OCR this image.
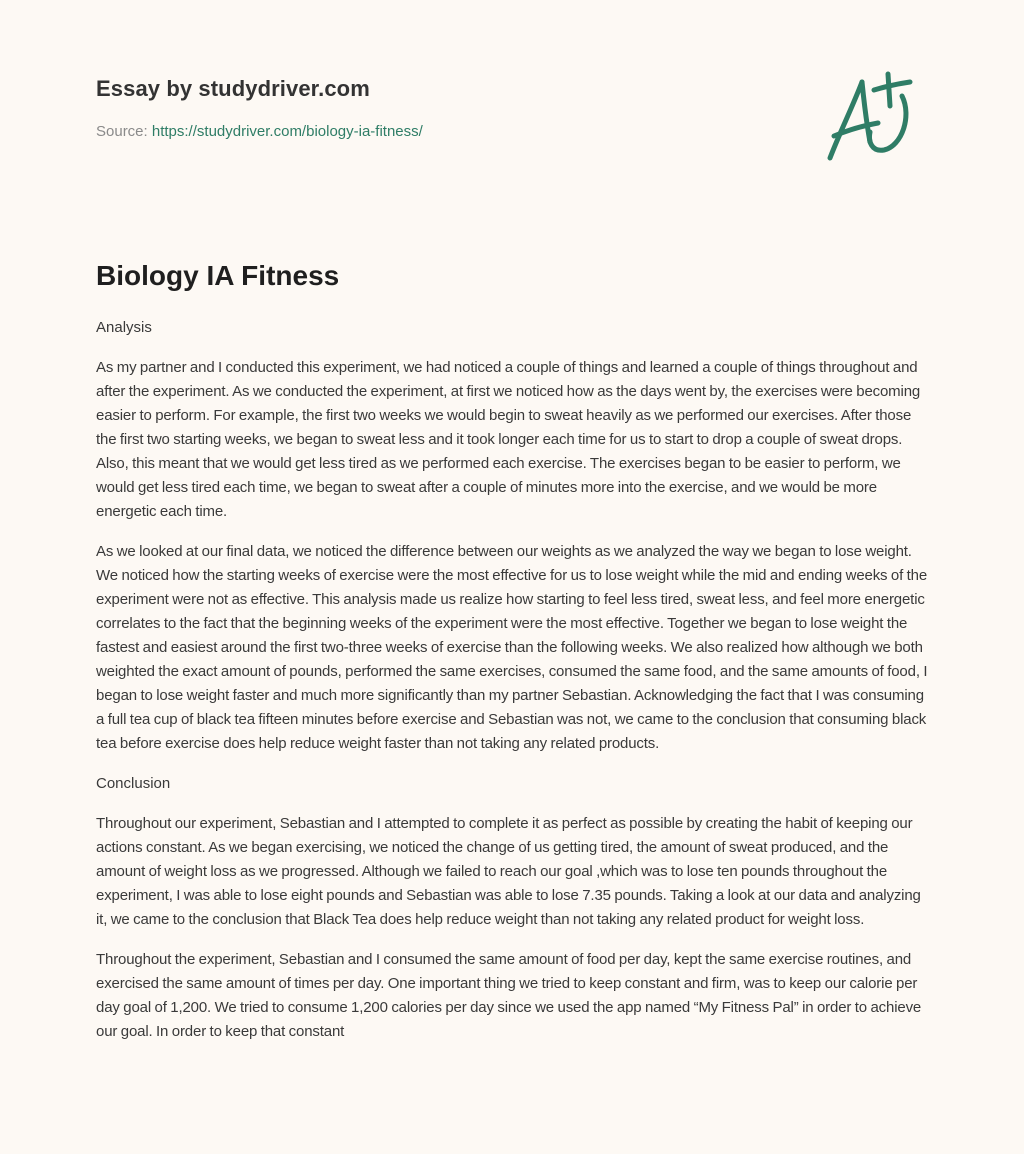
Essay by studydriver.com
Source: https://studydriver.com/biology-ia-fitness/
Biology IA Fitness

Analysis

As my partner and I conducted this experiment, we had noticed a couple of things and learned a couple of things throughout and after the experiment. As we conducted the experiment, at first we noticed how as the days went by, the exercises were becoming easier to perform. For example, the first two weeks we would begin to sweat heavily as we performed our exercises. After those the first two starting weeks, we began to sweat less and it took longer each time for us to start to drop a couple of sweat drops. Also, this meant that we would get less tired as we performed each exercise. The exercises began to be easier to perform, we would get less tired each time, we began to sweat after a couple of minutes more into the exercise, and we would be more energetic each time.

As we looked at our final data, we noticed the difference between our weights as we analyzed the way we began to lose weight. We noticed how the starting weeks of exercise were the most effective for us to lose weight while the mid and ending weeks of the experiment were not as effective. This analysis made us realize how starting to feel less tired, sweat less, and feel more energetic correlates to the fact that the beginning weeks of the experiment were the most effective. Together we began to lose weight the fastest and easiest around the first two-three weeks of exercise than the following weeks. We also realized how although we both weighted the exact amount of pounds, performed the same exercises, consumed the same food, and the same amounts of food, I began to lose weight faster and much more significantly than my partner Sebastian. Acknowledging the fact that I was consuming a full tea cup of black tea fifteen minutes before exercise and Sebastian was not, we came to the conclusion that consuming black tea before exercise does help reduce weight faster than not taking any related products.

Conclusion

Throughout our experiment, Sebastian and I attempted to complete it as perfect as possible by creating the habit of keeping our actions constant. As we began exercising, we noticed the change of us getting tired, the amount of sweat produced, and the amount of weight loss as we progressed. Although we failed to reach our goal ,which was to lose ten pounds throughout the experiment, I was able to lose eight pounds and Sebastian was able to lose 7.35 pounds. Taking a look at our data and analyzing it, we came to the conclusion that Black Tea does help reduce weight than not taking any related product for weight loss.

Throughout the experiment, Sebastian and I consumed the same amount of food per day, kept the same exercise routines, and exercised the same amount of times per day. One important thing we tried to keep constant and firm, was to keep our calorie per day goal of 1,200. We tried to consume 1,200 calories per day since we used the app named “My Fitness Pal” in order to achieve our goal. In order to keep that constant
